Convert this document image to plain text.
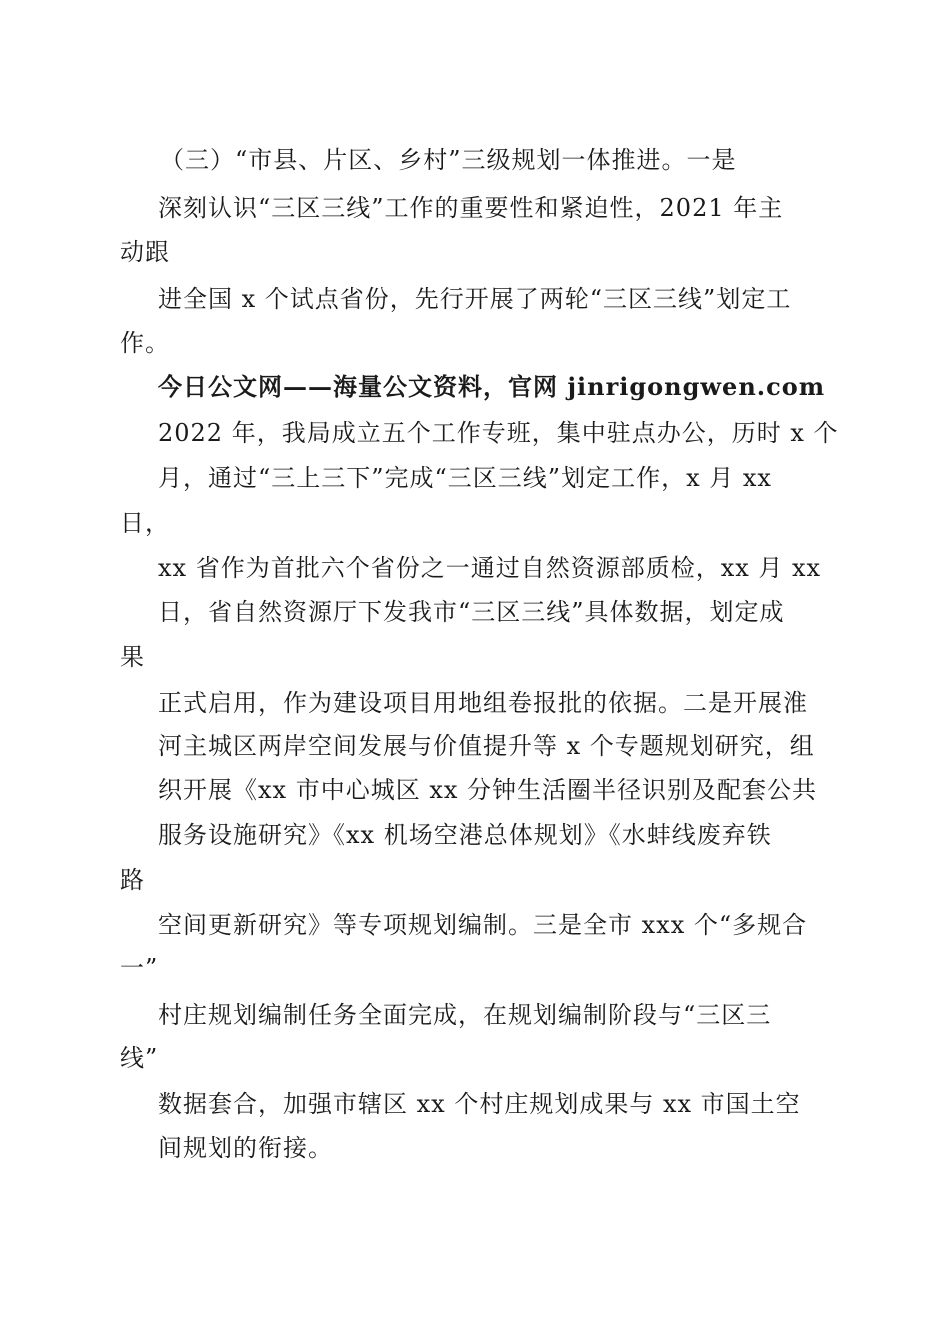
（三）“市县、片区、乡村”三级规划一体推进。一是
深刻认识“三区三线”工作的重要性和紧迫性，2021 年主
动跟
进全国 x 个试点省份，先行开展了两轮“三区三线”划定工
作。
今日公文网——海量公文资料，官网 jinrigongwen.com
2022 年，我局成立五个工作专班，集中驻点办公，历时 x 个
月，通过“三上三下”完成“三区三线”划定工作，x 月 xx
日，
xx 省作为首批六个省份之一通过自然资源部质检，xx 月 xx
日，省自然资源厅下发我市“三区三线”具体数据，划定成
果
正式启用，作为建设项目用地组卷报批的依据。二是开展淮
河主城区两岸空间发展与价值提升等 x 个专题规划研究，组
织开展《xx 市中心城区 xx 分钟生活圈半径识别及配套公共
服务设施研究》《xx 机场空港总体规划》《水蚌线废弃铁
路
空间更新研究》等专项规划编制。三是全市 xxx 个“多规合
一”
村庄规划编制任务全面完成，在规划编制阶段与“三区三
线”
数据套合，加强市辖区 xx 个村庄规划成果与 xx 市国土空
间规划的衔接。
